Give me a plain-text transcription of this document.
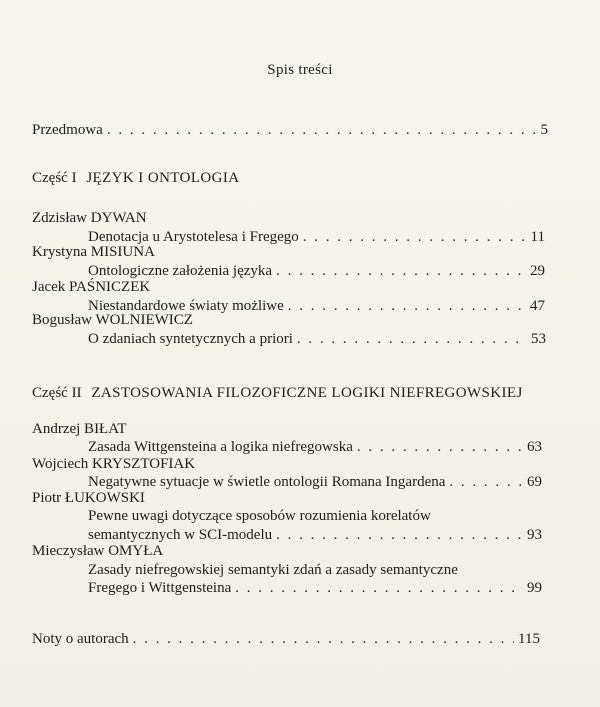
Spis treści
Przedmowa . . .	5
Część I JĘZYK I ONTOLOGIA
Zdzisław DYWAN
Denotacja u Arystotelesa i Fregego . . .	11
Krystyna MISIUNA
Ontologiczne założenia języka . . .	29
Jacek PAŚNICZEK
Niestandardowe światy możliwe . . .	47
Bogusław WOLNIEWICZ
O zdaniach syntetycznych a priori . . .	53
Część II ZASTOSOWANIA FILOZOFICZNE LOGIKI NIEFREGOWSKIEJ
Andrzej BIŁAT
Zasada Wittgensteina a logika niefregowska . . .	63
Wojciech KRYSZTOFIAK
Negatywne sytuacje w świetle ontologii Romana Ingardena . . .	69
Piotr ŁUKOWSKI
Pewne uwagi dotyczące sposobów rozumienia korelatów
semantycznych w SCI-modelu . . .	93
Mieczysław OMYŁA
Zasady niefregowskiej semantyki zdań a zasady semantyczne
Fregego i Wittgensteina . . .	99
Noty o autorach . . .	115
